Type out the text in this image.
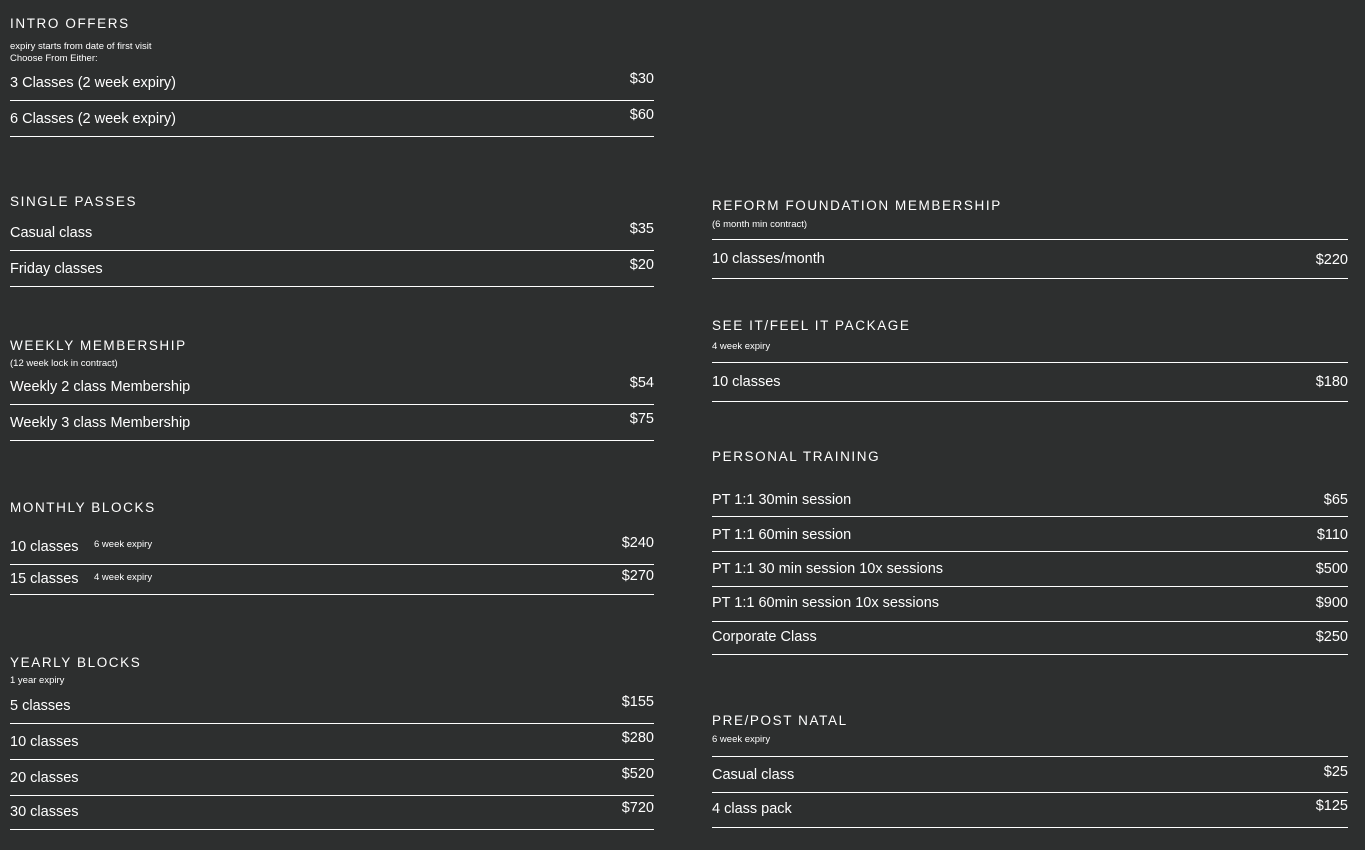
INTRO OFFERS

expiry starts from date of first visit

Choose From Either:

3 Classes (2 week expiry)	$30
6 Classes (2 week expiry)	$60
SINGLE PASSES
Casual class	$35
Friday classes	$20
WEEKLY MEMBERSHIP

(12 week lock in contract)

Weekly 2 class Membership	$54
Weekly 3 class Membership	$75
MONTHLY BLOCKS
10 classes 6 week expiry	$240
15 classes 4 week expiry	$270
YEARLY BLOCKS

1 year expiry

5 classes	$155
10 classes	$280
20 classes	$520
30 classes	$720
REFORM FOUNDATION MEMBERSHIP

(6 month min contract)

10 classes/month	$220
SEE IT/FEEL IT PACKAGE

4 week expiry

10 classes	$180
PERSONAL TRAINING
PT 1:1 30min session	$65
PT 1:1 60min session	$110
PT 1:1 30 min session 10x sessions	$500
PT 1:1 60min session 10x sessions	$900
Corporate Class	$250
PRE/POST NATAL

6 week expiry

Casual class	$25
4 class pack	$125
